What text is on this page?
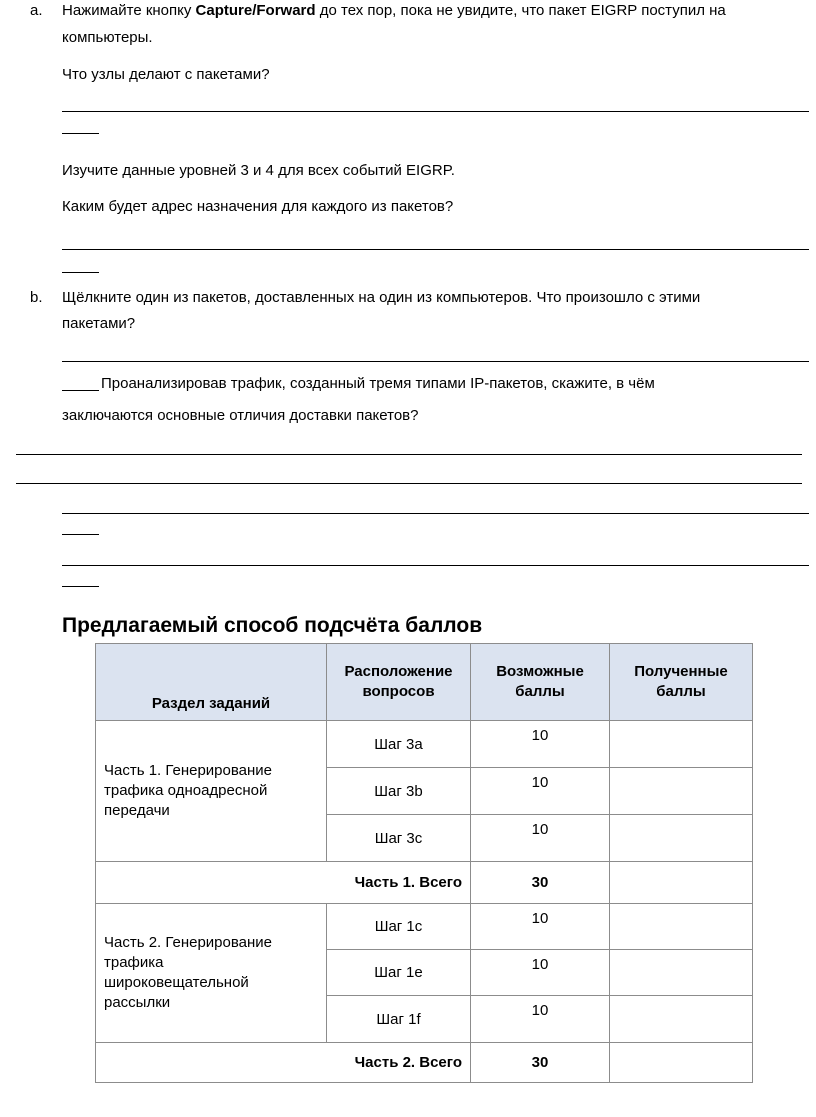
a. Нажимайте кнопку Capture/Forward до тех пор, пока не увидите, что пакет EIGRP поступил на
компьютеры.
Что узлы делают с пакетами?
Изучите данные уровней 3 и 4 для всех событий EIGRP.
Каким будет адрес назначения для каждого из пакетов?
b. Щёлкните один из пакетов, доставленных на один из компьютеров. Что произошло с этими
пакетами?
Проанализировав трафик, созданный тремя типами IP-пакетов, скажите, в чём
заключаются основные отличия доставки пакетов?
Предлагаемый способ подсчёта баллов
Раздел заданий	Расположение вопросов	Возможные баллы	Полученные баллы

Часть 1. Генерирование трафика одноадресной передачи	Шаг 3a	10	
	Шаг 3b	10	
	Шаг 3c	10	
Часть 1. Всего		30	

Часть 2. Генерирование трафика широковещательной рассылки	Шаг 1c	10	
	Шаг 1e	10	
	Шаг 1f	10	
Часть 2. Всего		30	
